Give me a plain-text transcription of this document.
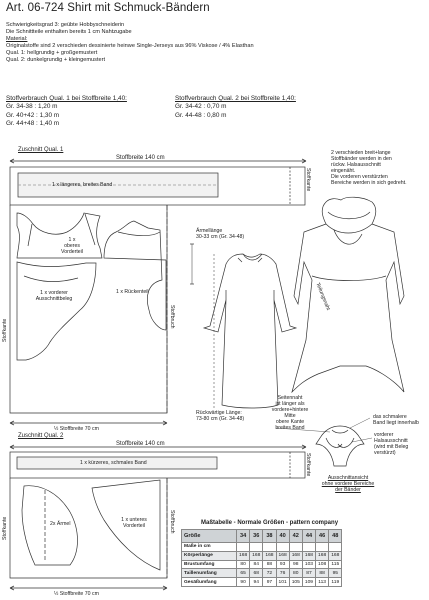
Art. 06-724 Shirt mit Schmuck-Bändern
Schwierigkeitsgrad 3: geübte Hobbyschneiderin
Die Schnittteile enthalten bereits 1 cm Nahtzugabe
Material:
Originalstoffe sind 2 verschieden dessinierte heinwe Single-Jerseys aus 96% Viskose / 4% Elasthan
Qual. 1: hellgrundig + großgemustert
Qual. 2: dunkelgrundig + kleingemustert
Stoffverbrauch Qual. 1 bei Stoffbreite 1,40:
Gr. 34-38 : 1,20 m
Gr. 40+42 : 1,30 m
Gr. 44+48 : 1,40 m
Stoffverbrauch Qual. 2 bei Stoffbreite 1,40:
Gr. 34-42 : 0,70 m
Gr. 44-48 : 0,80 m
Zuschnitt Qual. 1
Stoffbreite 140 cm
1 x längeres, breites Band
1 x oberes Vorderteil
1 x Rückenteil
1 x vorderer Ausschnittbeleg
Stoffkante
Stoffkante
Stoffbruch
½ Stoffbreite 70 cm
Zuschnitt Qual. 2
Stoffbreite 140 cm
1 x kürzeres, schmales Band
2x Ärmel
1 x unteres Vorderteil
Stoffkante
Stoffkante
Stoffbruch
½ Stoffbreite 70 cm
Ärmellänge
30-33 cm (Gr. 34-48)
Rückwärtige Länge:
73-80 cm (Gr. 34-48)
2 verschieden breit+lange
Stoffbänder werden in den
rückw. Halsausschnitt
eingenäht.
Die vorderen verstürzten
Bereiche werden in sich gedreht.
Teilungsnaht
Seitennaht
ist länger als
vordere+hintere
Mitte
obere Kante
breites Band
das schmalere
Band liegt innerhalb
vorderer
Halsausschnitt
(wird mit Beleg
verstürzt)
Ausschnittansicht
ohne vordere Bereiche
der Bänder
Maßtabelle - Normale Größen - pattern company
Größe	34	36	38	40	42	44	46	48
Maße in cm								
Körperlänge	168	168	168	168	168	168	168	168
Brustumfang	80	84	88	93	98	103	108	115
Taillenumfang	65	68	72	76	80	87	88	95
Gesäßumfang	90	94	97	101	105	109	113	119
